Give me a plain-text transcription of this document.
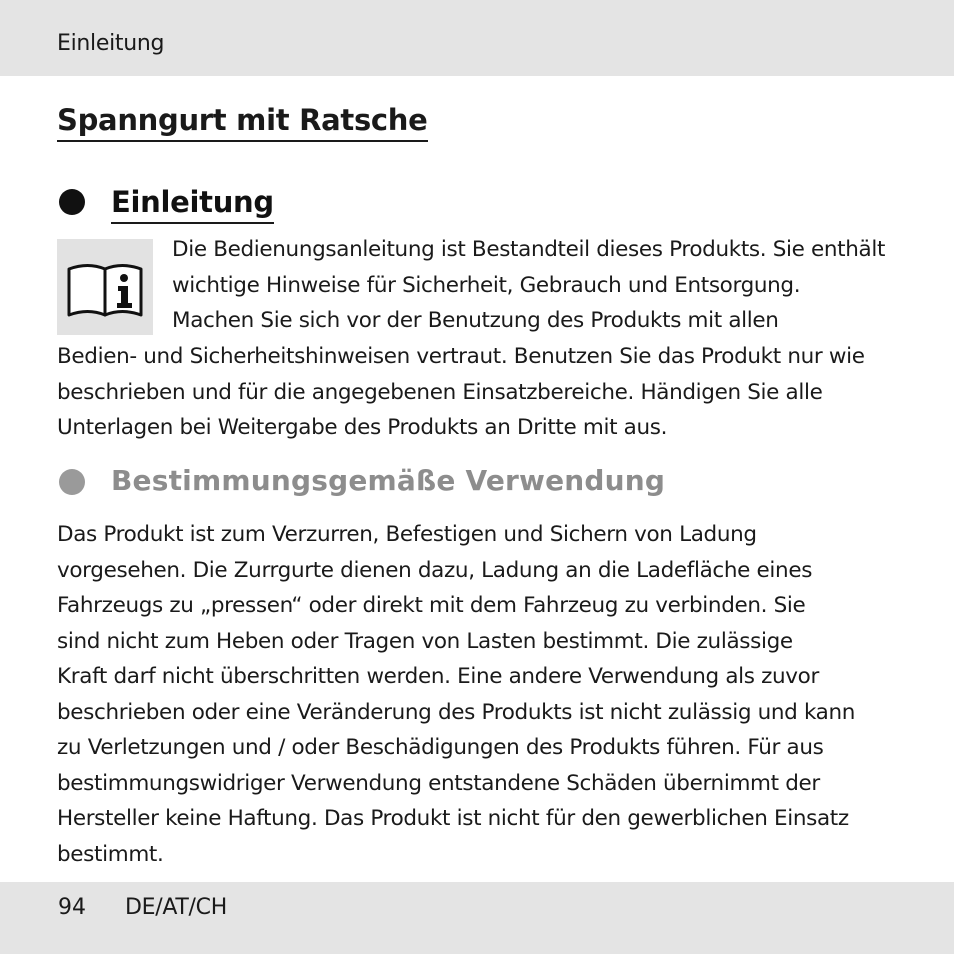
Einleitung
Spanngurt mit Ratsche
Einleitung

Die Bedienungsanleitung ist Bestandteil dieses Produkts. Sie enthält
wichtige Hinweise für Sicherheit, Gebrauch und Entsorgung.
Machen Sie sich vor der Benutzung des Produkts mit allen

Bedien- und Sicherheitshinweisen vertraut. Benutzen Sie das Produkt nur wie
beschrieben und für die angegebenen Einsatzbereiche. Händigen Sie alle
Unterlagen bei Weitergabe des Produkts an Dritte mit aus.

Bestimmungsgemäße Verwendung

Das Produkt ist zum Verzurren, Befestigen und Sichern von Ladung
vorgesehen. Die Zurrgurte dienen dazu, Ladung an die Ladefläche eines
Fahrzeugs zu „pressen“ oder direkt mit dem Fahrzeug zu verbinden. Sie
sind nicht zum Heben oder Tragen von Lasten bestimmt. Die zulässige
Kraft darf nicht überschritten werden. Eine andere Verwendung als zuvor
beschrieben oder eine Veränderung des Produkts ist nicht zulässig und kann
zu Verletzungen und / oder Beschädigungen des Produkts führen. Für aus
bestimmungswidriger Verwendung entstandene Schäden übernimmt der
Hersteller keine Haftung. Das Produkt ist nicht für den gewerblichen Einsatz
bestimmt.

94 DE/AT/CH
